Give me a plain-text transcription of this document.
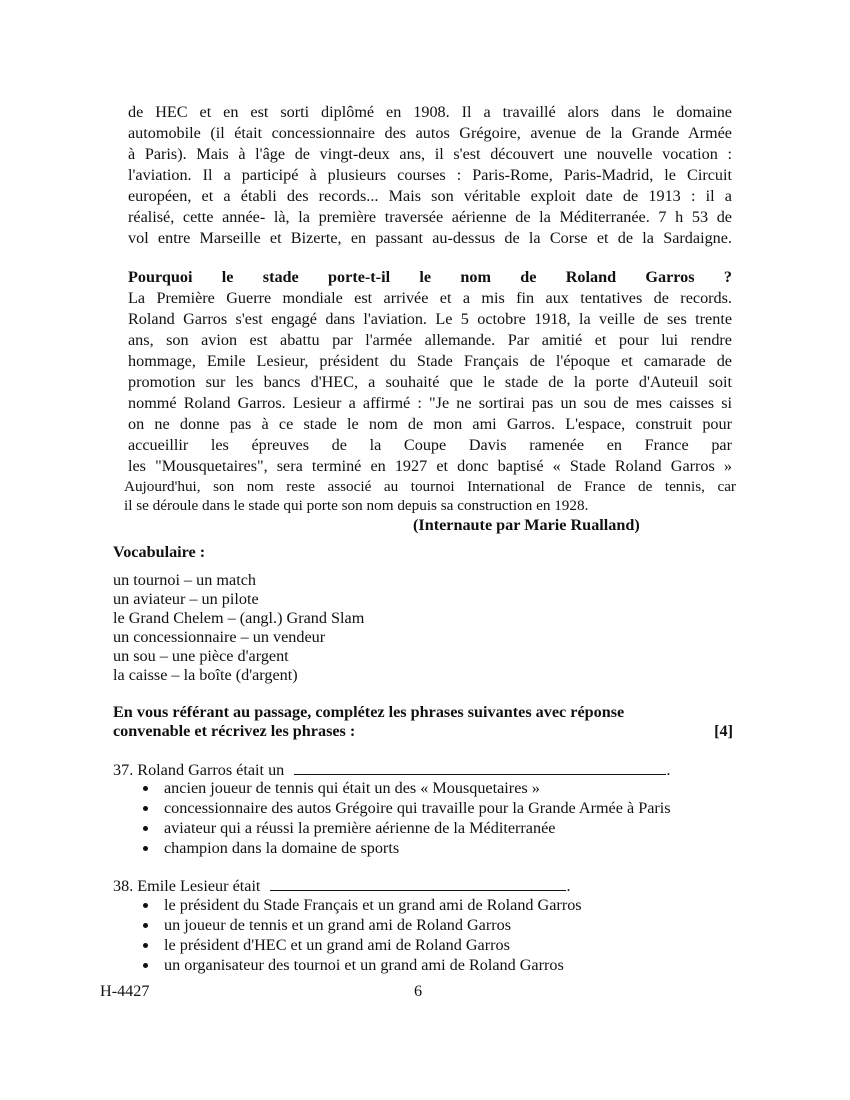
de HEC et en est sorti diplômé en 1908. Il a travaillé alors dans le domaine
automobile (il était concessionnaire des autos Grégoire, avenue de la Grande Armée
à Paris). Mais à l'âge de vingt-deux ans, il s'est découvert une nouvelle vocation :
l'aviation. Il a participé à plusieurs courses : Paris-Rome, Paris-Madrid, le Circuit
européen, et a établi des records... Mais son véritable exploit date de 1913 : il a
réalisé, cette année- là, la première traversée aérienne de la Méditerranée. 7 h 53 de
vol entre Marseille et Bizerte, en passant au-dessus de la Corse et de la Sardaigne.
Pourquoi le stade porte-t-il le nom de Roland Garros ?
La Première Guerre mondiale est arrivée et a mis fin aux tentatives de records.
Roland Garros s'est engagé dans l'aviation. Le 5 octobre 1918, la veille de ses trente
ans, son avion est abattu par l'armée allemande. Par amitié et pour lui rendre
hommage, Emile Lesieur, président du Stade Français de l'époque et camarade de
promotion sur les bancs d'HEC, a souhaité que le stade de la porte d'Auteuil soit
nommé Roland Garros. Lesieur a affirmé : "Je ne sortirai pas un sou de mes caisses si
on ne donne pas à ce stade le nom de mon ami Garros. L'espace, construit pour
accueillir les épreuves de la Coupe Davis ramenée en France par
les "Mousquetaires", sera terminé en 1927 et donc baptisé « Stade Roland Garros »
Aujourd'hui, son nom reste associé au tournoi International de France de tennis, car
il se déroule dans le stade qui porte son nom depuis sa construction en 1928.
(Internaute par Marie Rualland)
Vocabulaire :
un tournoi – un match
un aviateur – un pilote
le Grand Chelem – (angl.) Grand Slam
un concessionnaire – un vendeur
un sou – une pièce d'argent
la caisse – la boîte (d'argent)
En vous référant au passage, complétez les phrases suivantes avec réponse
convenable et récrivez les phrases :	[4]
37. Roland Garros était un	.
ancien joueur de tennis qui était un des « Mousquetaires »
concessionnaire des autos Grégoire qui travaille pour la Grande Armée à Paris
aviateur qui a réussi la première aérienne de la Méditerranée
champion dans la domaine de sports
38. Emile Lesieur était	.
le président du Stade Français et un grand ami de Roland Garros
un joueur de tennis et un grand ami de Roland Garros
le président d'HEC et un grand ami de Roland Garros
un organisateur des tournoi et un grand ami de Roland Garros
H-4427	6
